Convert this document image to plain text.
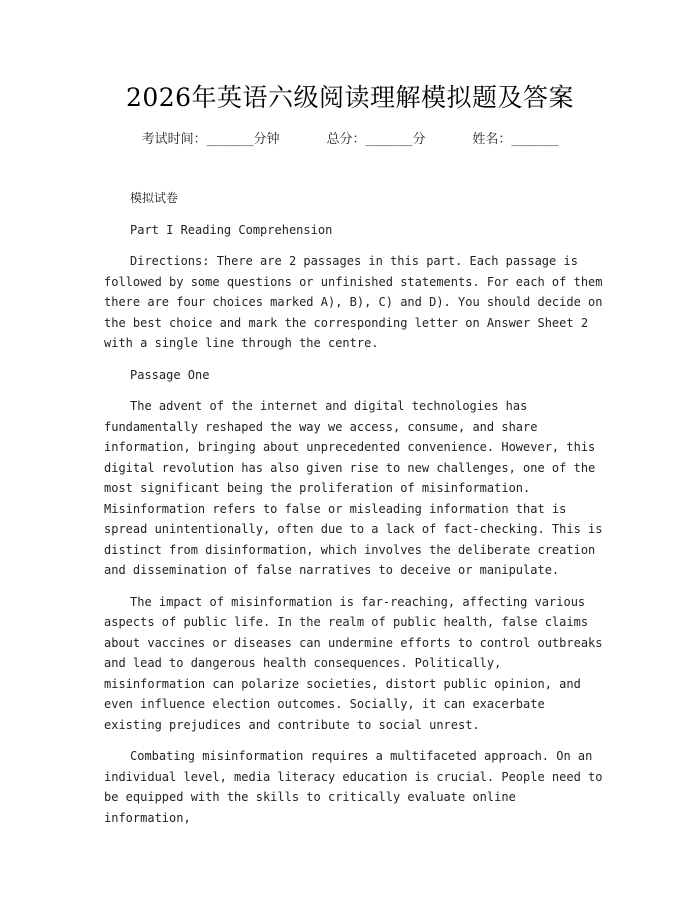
2026年英语六级阅读理解模拟题及答案
考试时间：______分钟      总分：______分      姓名：______

模拟试卷

Part I Reading Comprehension

Directions: There are 2 passages in this part. Each passage is followed by some questions or unfinished statements. For each of them there are four choices marked A), B), C) and D). You should decide on the best choice and mark the corresponding letter on Answer Sheet 2 with a single line through the centre.

Passage One

The advent of the internet and digital technologies has fundamentally reshaped the way we access, consume, and share information, bringing about unprecedented convenience. However, this digital revolution has also given rise to new challenges, one of the most significant being the proliferation of misinformation. Misinformation refers to false or misleading information that is spread unintentionally, often due to a lack of fact-checking. This is distinct from disinformation, which involves the deliberate creation and dissemination of false narratives to deceive or manipulate.

The impact of misinformation is far-reaching, affecting various aspects of public life. In the realm of public health, false claims about vaccines or diseases can undermine efforts to control outbreaks and lead to dangerous health consequences. Politically, misinformation can polarize societies, distort public opinion, and even influence election outcomes. Socially, it can exacerbate existing prejudices and contribute to social unrest.

Combating misinformation requires a multifaceted approach. On an individual level, media literacy education is crucial. People need to be equipped with the skills to critically evaluate online information,
